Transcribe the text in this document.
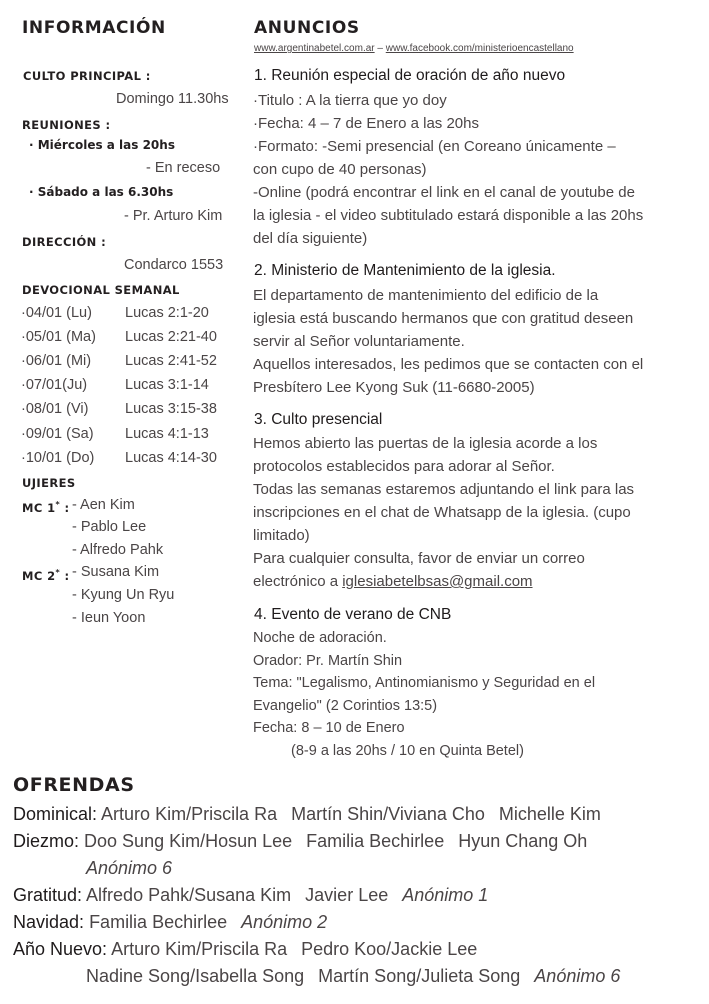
INFORMACIÓN
CULTO PRINCIPAL :
Domingo 11.30hs
REUNIONES :
· Miércoles a las 20hs
- En receso
· Sábado a las 6.30hs
- Pr. Arturo Kim
DIRECCIÓN :
Condarco 1553
DEVOCIONAL SEMANAL
·04/01 (Lu) Lucas 2:1-20
·05/01 (Ma) Lucas 2:21-40
·06/01 (Mi) Lucas 2:41-52
·07/01(Ju)	Lucas 3:1-14
·08/01 (Vi)	Lucas 3:15-38
·09/01 (Sa) Lucas 4:1-13
·10/01 (Do) Lucas 4:14-30
UJIERES
MC 1* : - Aen Kim
- Pablo Lee
- Alfredo Pahk
MC 2* : - Susana Kim
- Kyung Un Ryu
- Ieun Yoon
ANUNCIOS
www.argentinabetel.com.ar – www.facebook.com/ministerioencastellano
1. Reunión especial de oración de año nuevo
·Titulo : A la tierra que yo doy
·Fecha: 4 – 7 de Enero a las 20hs
·Formato: -Semi presencial (en Coreano únicamente –
con cupo de 40 personas)
-Online (podrá encontrar el link en el canal de youtube de
la iglesia - el video subtitulado estará disponible a las 20hs
del día siguiente)
2. Ministerio de Mantenimiento de la iglesia.
El departamento de mantenimiento del edificio de la
iglesia está buscando hermanos que con gratitud deseen
servir al Señor voluntariamente.
Aquellos interesados, les pedimos que se contacten con el
Presbítero Lee Kyong Suk (11-6680-2005)
3. Culto presencial
Hemos abierto las puertas de la iglesia acorde a los
protocolos establecidos para adorar al Señor.
Todas las semanas estaremos adjuntando el link para las
inscripciones en el chat de Whatsapp de la iglesia. (cupo
limitado)
Para cualquier consulta, favor de enviar un correo
electrónico a iglesiabetelbsas@gmail.com
4. Evento de verano de CNB
Noche de adoración.
Orador: Pr. Martín Shin
Tema: "Legalismo, Antinomianismo y Seguridad en el
Evangelio" (2 Corintios 13:5)
Fecha: 8 – 10 de Enero
(8-9 a las 20hs / 10 en Quinta Betel)
OFRENDAS
Dominical: Arturo Kim/Priscila Ra Martín Shin/Viviana Cho Michelle Kim
Diezmo: Doo Sung Kim/Hosun Lee Familia Bechirlee Hyun Chang Oh
Anónimo 6
Gratitud: Alfredo Pahk/Susana Kim Javier Lee Anónimo 1
Navidad: Familia Bechirlee Anónimo 2
Año Nuevo: Arturo Kim/Priscila Ra Pedro Koo/Jackie Lee
Nadine Song/Isabella Song Martín Song/Julieta Song Anónimo 6
